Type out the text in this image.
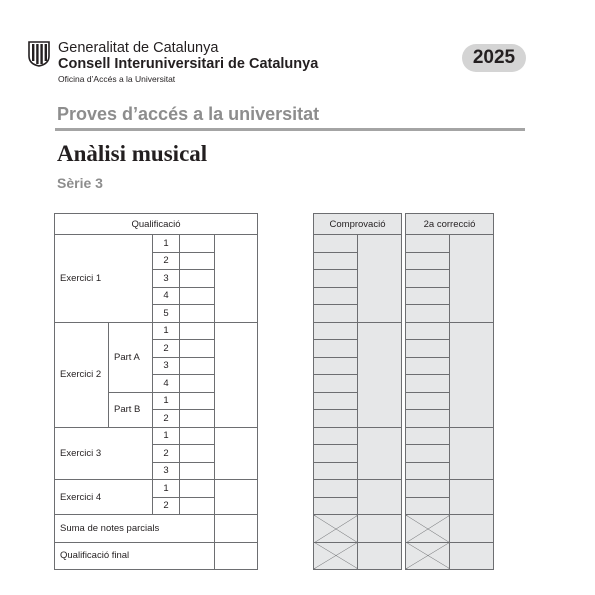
Generalitat de Catalunya
Consell Interuniversitari de Catalunya
Oficina d’Accés a la Universitat
2025
Proves d’accés a la universitat
Anàlisi musical
Sèrie 3
Qualificació				
Exercici 1		1		
		2		
		3		
		4		
		5		
Exercici 2	Part A	1		
		2		
		3		
		4		
	Part B	1		
		2		
Exercici 3		1		
		2		
		3		
Exercici 4		1		
		2		
Suma de notes parcials				
Qualificació final				
Comprovació	

		2a correcció	
